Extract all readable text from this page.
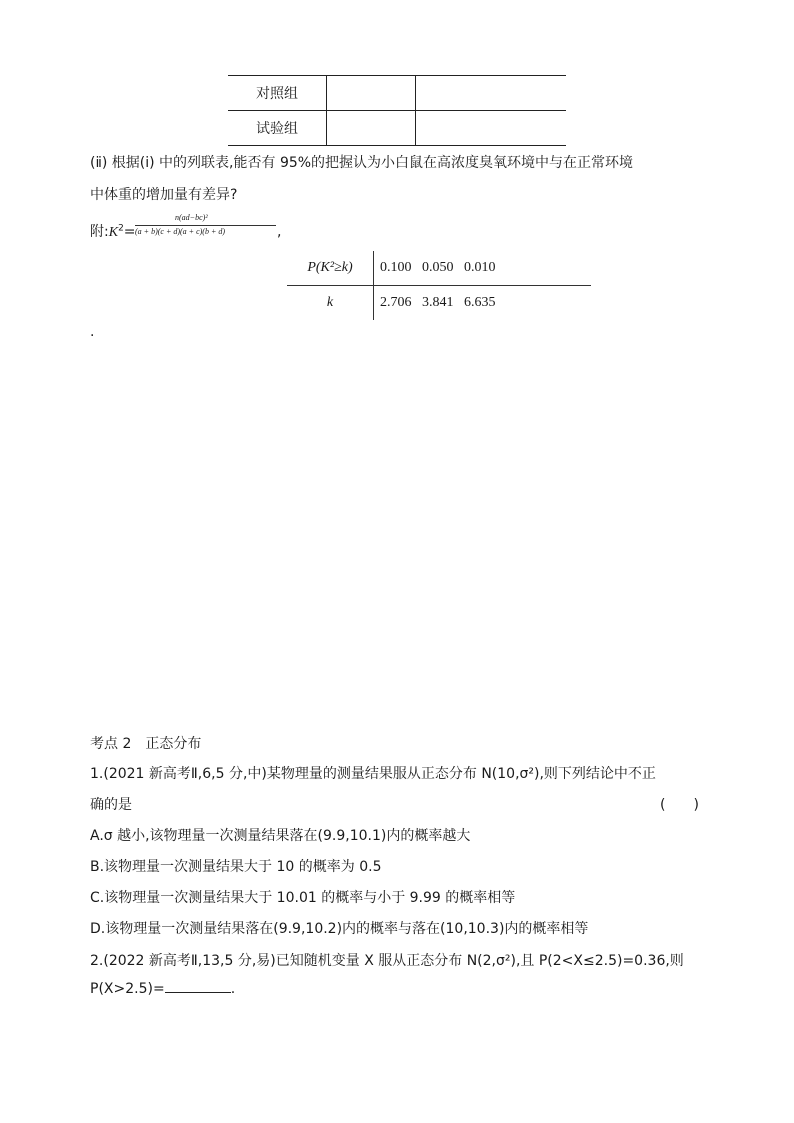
对照组		
试验组		
(ⅱ) 根据(ⅰ) 中的列联表,能否有 95%的把握认为小白鼠在高浓度臭氧环境中与在正常环境
中体重的增加量有差异?
附$:K^2=$
n(ad−bc)²
(a + b)(c + d)(a + c)(b + d)	,
P(K²≥k)	0.100 0.050 0.010
k	2.706 3.841 6.635
.
考点 2　正态分布
1.(2021 新高考Ⅱ,6,5 分,中)某物理量的测量结果服从正态分布 N(10,σ²),则下列结论中不正
确的是	(　　)
A.σ 越小,该物理量一次测量结果落在(9.9,10.1)内的概率越大
B.该物理量一次测量结果大于 10 的概率为 0.5
C.该物理量一次测量结果大于 10.01 的概率与小于 9.99 的概率相等
D.该物理量一次测量结果落在(9.9,10.2)内的概率与落在(10,10.3)内的概率相等
2.(2022 新高考Ⅱ,13,5 分,易)已知随机变量 X 服从正态分布 N(2,σ²),且 P(2<X≤2.5)=0.36,则
P(X>2.5)=	.
